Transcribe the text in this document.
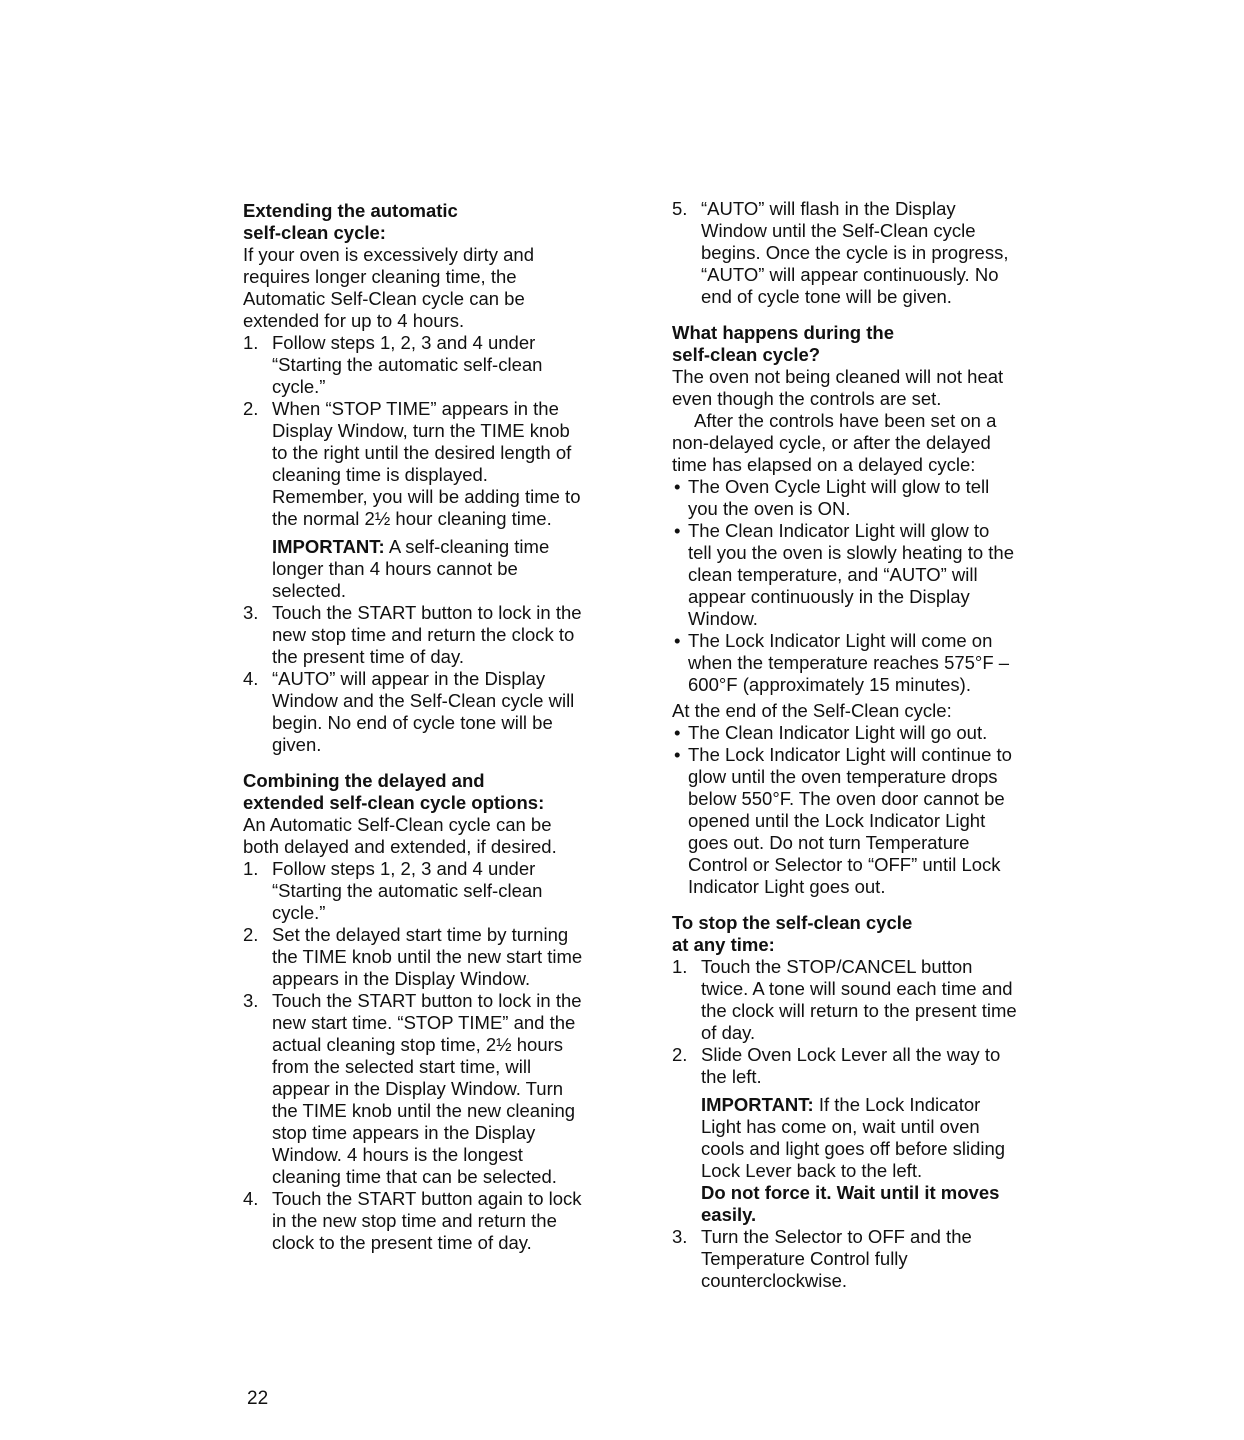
Extending the automatic
self-clean cycle:

If your oven is excessively dirty and requires longer cleaning time, the Automatic Self-Clean cycle can be extended for up to 4 hours.

1. Follow steps 1, 2, 3 and 4 under “Starting the automatic self-clean cycle.”
2. When “STOP TIME” appears in the Display Window, turn the TIME knob to the right until the desired length of cleaning time is displayed. Remember, you will be adding time to the normal 2½ hour cleaning time.

IMPORTANT: A self-cleaning time longer than 4 hours cannot be selected.

3. Touch the START button to lock in the new stop time and return the clock to the present time of day.
4. “AUTO” will appear in the Display Window and the Self-Clean cycle will begin. No end of cycle tone will be given.
Combining the delayed and
extended self-clean cycle options:

An Automatic Self-Clean cycle can be both delayed and extended, if desired.

1. Follow steps 1, 2, 3 and 4 under “Starting the automatic self-clean cycle.”
2. Set the delayed start time by turning the TIME knob until the new start time appears in the Display Window.
3. Touch the START button to lock in the new start time. “STOP TIME” and the actual cleaning stop time, 2½ hours from the selected start time, will appear in the Display Window. Turn the TIME knob until the new cleaning stop time appears in the Display Window. 4 hours is the longest cleaning time that can be selected.
4. Touch the START button again to lock in the new stop time and return the clock to the present time of day.
5. “AUTO” will flash in the Display Window until the Self-Clean cycle begins. Once the cycle is in progress, “AUTO” will appear continuously. No end of cycle tone will be given.
What happens during the
self-clean cycle?

The oven not being cleaned will not heat even though the controls are set.

After the controls have been set on a non-delayed cycle, or after the delayed time has elapsed on a delayed cycle:

• The Oven Cycle Light will glow to tell you the oven is ON.
• The Clean Indicator Light will glow to tell you the oven is slowly heating to the clean temperature, and “AUTO” will appear continuously in the Display Window.
• The Lock Indicator Light will come on when the temperature reaches 575°F – 600°F (approximately 15 minutes).

At the end of the Self-Clean cycle:

• The Clean Indicator Light will go out.
• The Lock Indicator Light will continue to glow until the oven temperature drops below 550°F. The oven door cannot be opened until the Lock Indicator Light goes out. Do not turn Temperature Control or Selector to “OFF” until Lock Indicator Light goes out.
To stop the self-clean cycle
at any time:
1. Touch the STOP/CANCEL button twice. A tone will sound each time and the clock will return to the present time of day.
2. Slide Oven Lock Lever all the way to the left.

IMPORTANT: If the Lock Indicator Light has come on, wait until oven cools and light goes off before sliding Lock Lever back to the left.
Do not force it. Wait until it moves easily.

3. Turn the Selector to OFF and the Temperature Control fully counterclockwise.
22
